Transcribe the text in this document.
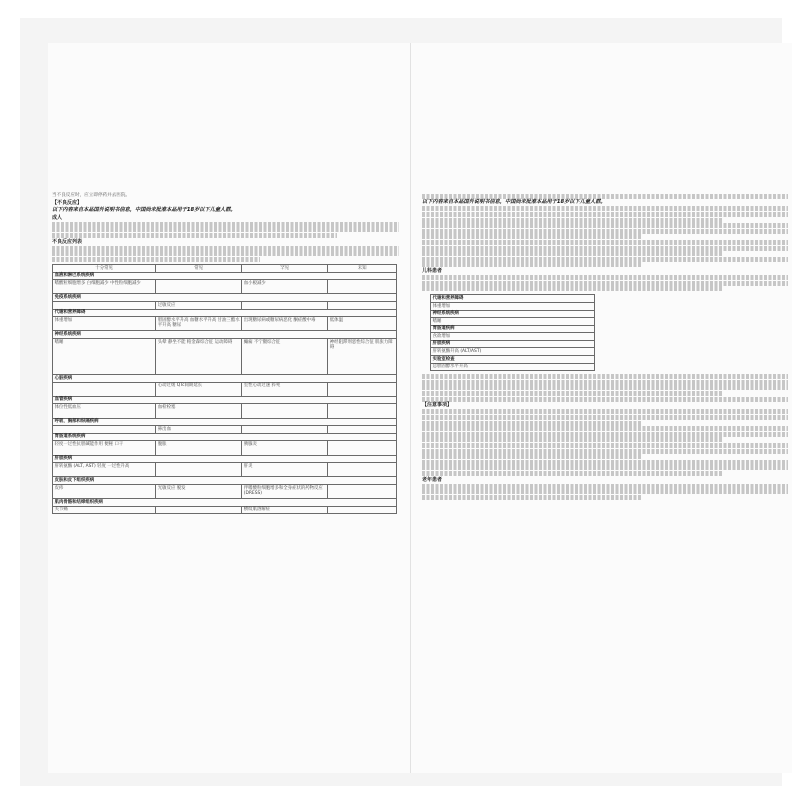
当不良反应时，应立即停药并去医院。

【不良反应】

以下内容来自本品国外说明书信息，中国尚未批准本品用于18岁以下儿童人群。

成人

不良反应列表

十分常见	常见	罕见	未知
血液和淋巴系统疾病			
嗜酸粒细胞增多 白细胞减少 中性粒细胞减少		血小板减少	
免疫系统疾病			
	过敏反应		
代谢和营养障碍			
体重增加	胆固醇水平升高 血糖水平升高 甘油三酯水平升高 糖尿	出现糖尿病或糖尿病恶化 酮症酸中毒	低体温
神经系统疾病			
嗜睡	头晕 静坐不能 帕金森综合征 运动障碍	癫痫 不宁腿综合征	神经阻滞剂恶性综合征 肌张力障碍
心脏疾病			
	心动过缓 QTc间期延长	室性心动过速 猝死	
血管疾病			
体位性低血压	血栓栓塞		
呼吸、胸部和纵隔疾病			
	鼻出血		
胃肠道系统疾病			
轻度一过性抗胆碱能作用 便秘 口干	腹胀	胰腺炎	
肝胆疾病			
肝转氨酶 (ALT, AST) 轻度 一过性升高		肝炎	
皮肤和皮下组织疾病			
皮疹	光敏反应 脱发	伴嗜酸粒细胞增多和全身症状的药物反应 (DRESS)	
肌肉骨骼和结缔组织疾病			
关节痛		横纹肌溶解症	

以下内容来自本品国外说明书信息，中国尚未批准本品用于18岁以下儿童人群。

儿科患者

代谢和营养障碍
体重增加
神经系统疾病
嗜睡
胃肠道疾病
食欲增加
肝胆疾病
肝转氨酶升高 (ALT/AST)
实验室检查
总胆固醇水平升高

【注意事项】

老年患者
